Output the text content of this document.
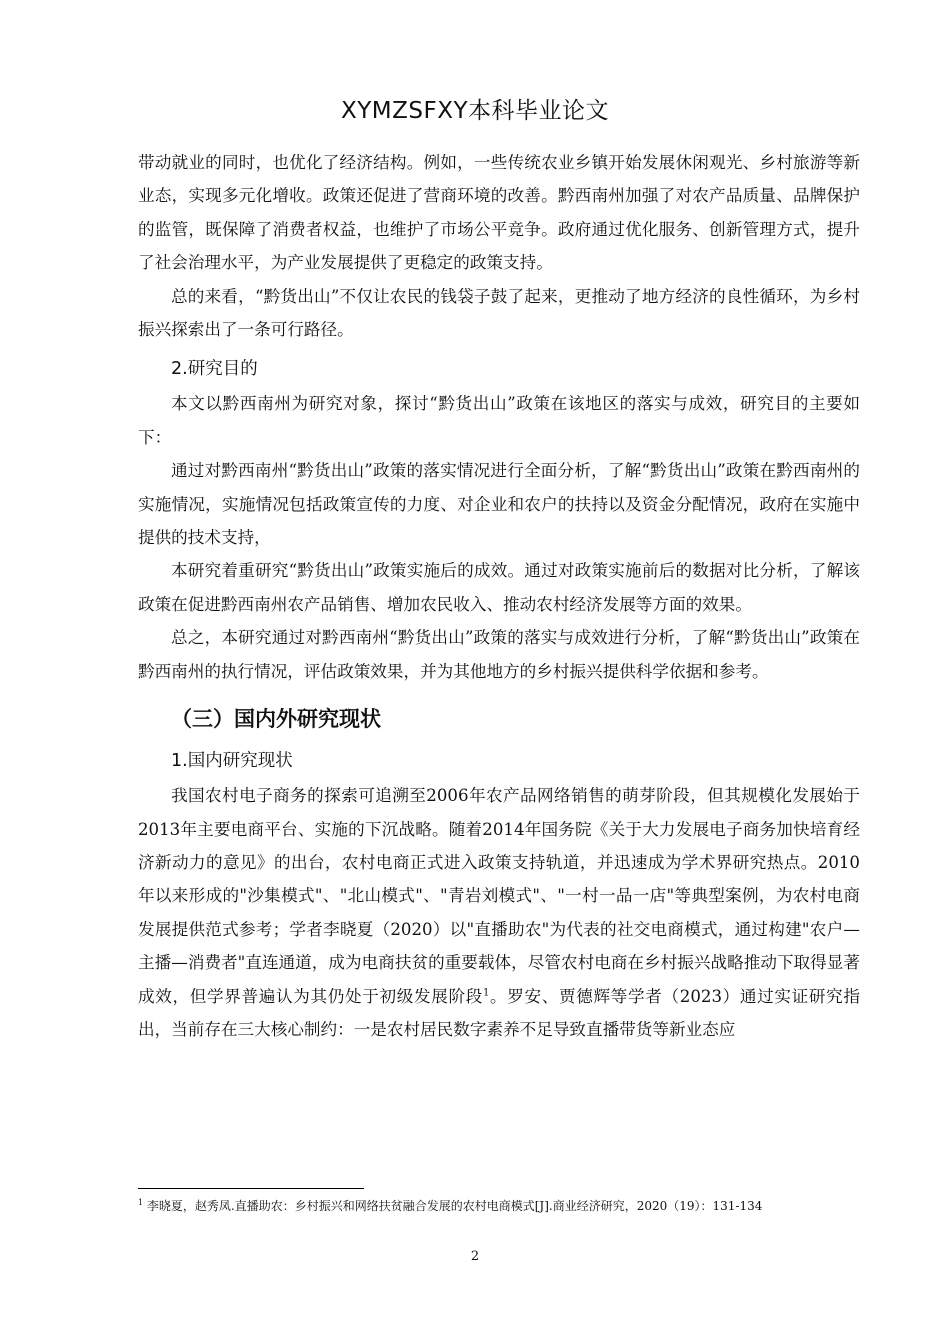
XYMZSFXY本科毕业论文

带动就业的同时，也优化了经济结构。例如，一些传统农业乡镇开始发展休闲观光、乡村旅游等新业态，实现多元化增收。政策还促进了营商环境的改善。黔西南州加强了对农产品质量、品牌保护的监管，既保障了消费者权益，也维护了市场公平竞争。政府通过优化服务、创新管理方式，提升了社会治理水平，为产业发展提供了更稳定的政策支持。

总的来看，“黔货出山”不仅让农民的钱袋子鼓了起来，更推动了地方经济的良性循环，为乡村振兴探索出了一条可行路径。

2.研究目的

本文以黔西南州为研究对象，探讨“黔货出山”政策在该地区的落实与成效，研究目的主要如下：

通过对黔西南州“黔货出山”政策的落实情况进行全面分析，了解“黔货出山”政策在黔西南州的实施情况，实施情况包括政策宣传的力度、对企业和农户的扶持以及资金分配情况，政府在实施中提供的技术支持，

本研究着重研究“黔货出山”政策实施后的成效。通过对政策实施前后的数据对比分析，了解该政策在促进黔西南州农产品销售、增加农民收入、推动农村经济发展等方面的效果。

总之，本研究通过对黔西南州“黔货出山”政策的落实与成效进行分析，了解“黔货出山”政策在黔西南州的执行情况，评估政策效果，并为其他地方的乡村振兴提供科学依据和参考。

（三）国内外研究现状
1.国内研究现状

我国农村电子商务的探索可追溯至2006年农产品网络销售的萌芽阶段，但其规模化发展始于2013年主要电商平台、实施的下沉战略。随着2014年国务院《关于大力发展电子商务加快培育经济新动力的意见》的出台，农村电商正式进入政策支持轨道，并迅速成为学术界研究热点。2010年以来形成的"沙集模式"、"北山模式"、"青岩刘模式"、"一村一品一店"等典型案例，为农村电商发展提供范式参考；学者李晓夏（2020）以"直播助农"为代表的社交电商模式，通过构建"农户—主播—消费者"直连通道，成为电商扶贫的重要载体，尽管农村电商在乡村振兴战略推动下取得显著成效，但学界普遍认为其仍处于初级发展阶段$^1$。罗安、贾德辉等学者（2023）通过实证研究指出，当前存在三大核心制约：一是农村居民数字素养不足导致直播带货等新业态应

$^1$ 李晓夏，赵秀凤.直播助农：乡村振兴和网络扶贫融合发展的农村电商模式[J].商业经济研究，2020（19）：131-134
2
